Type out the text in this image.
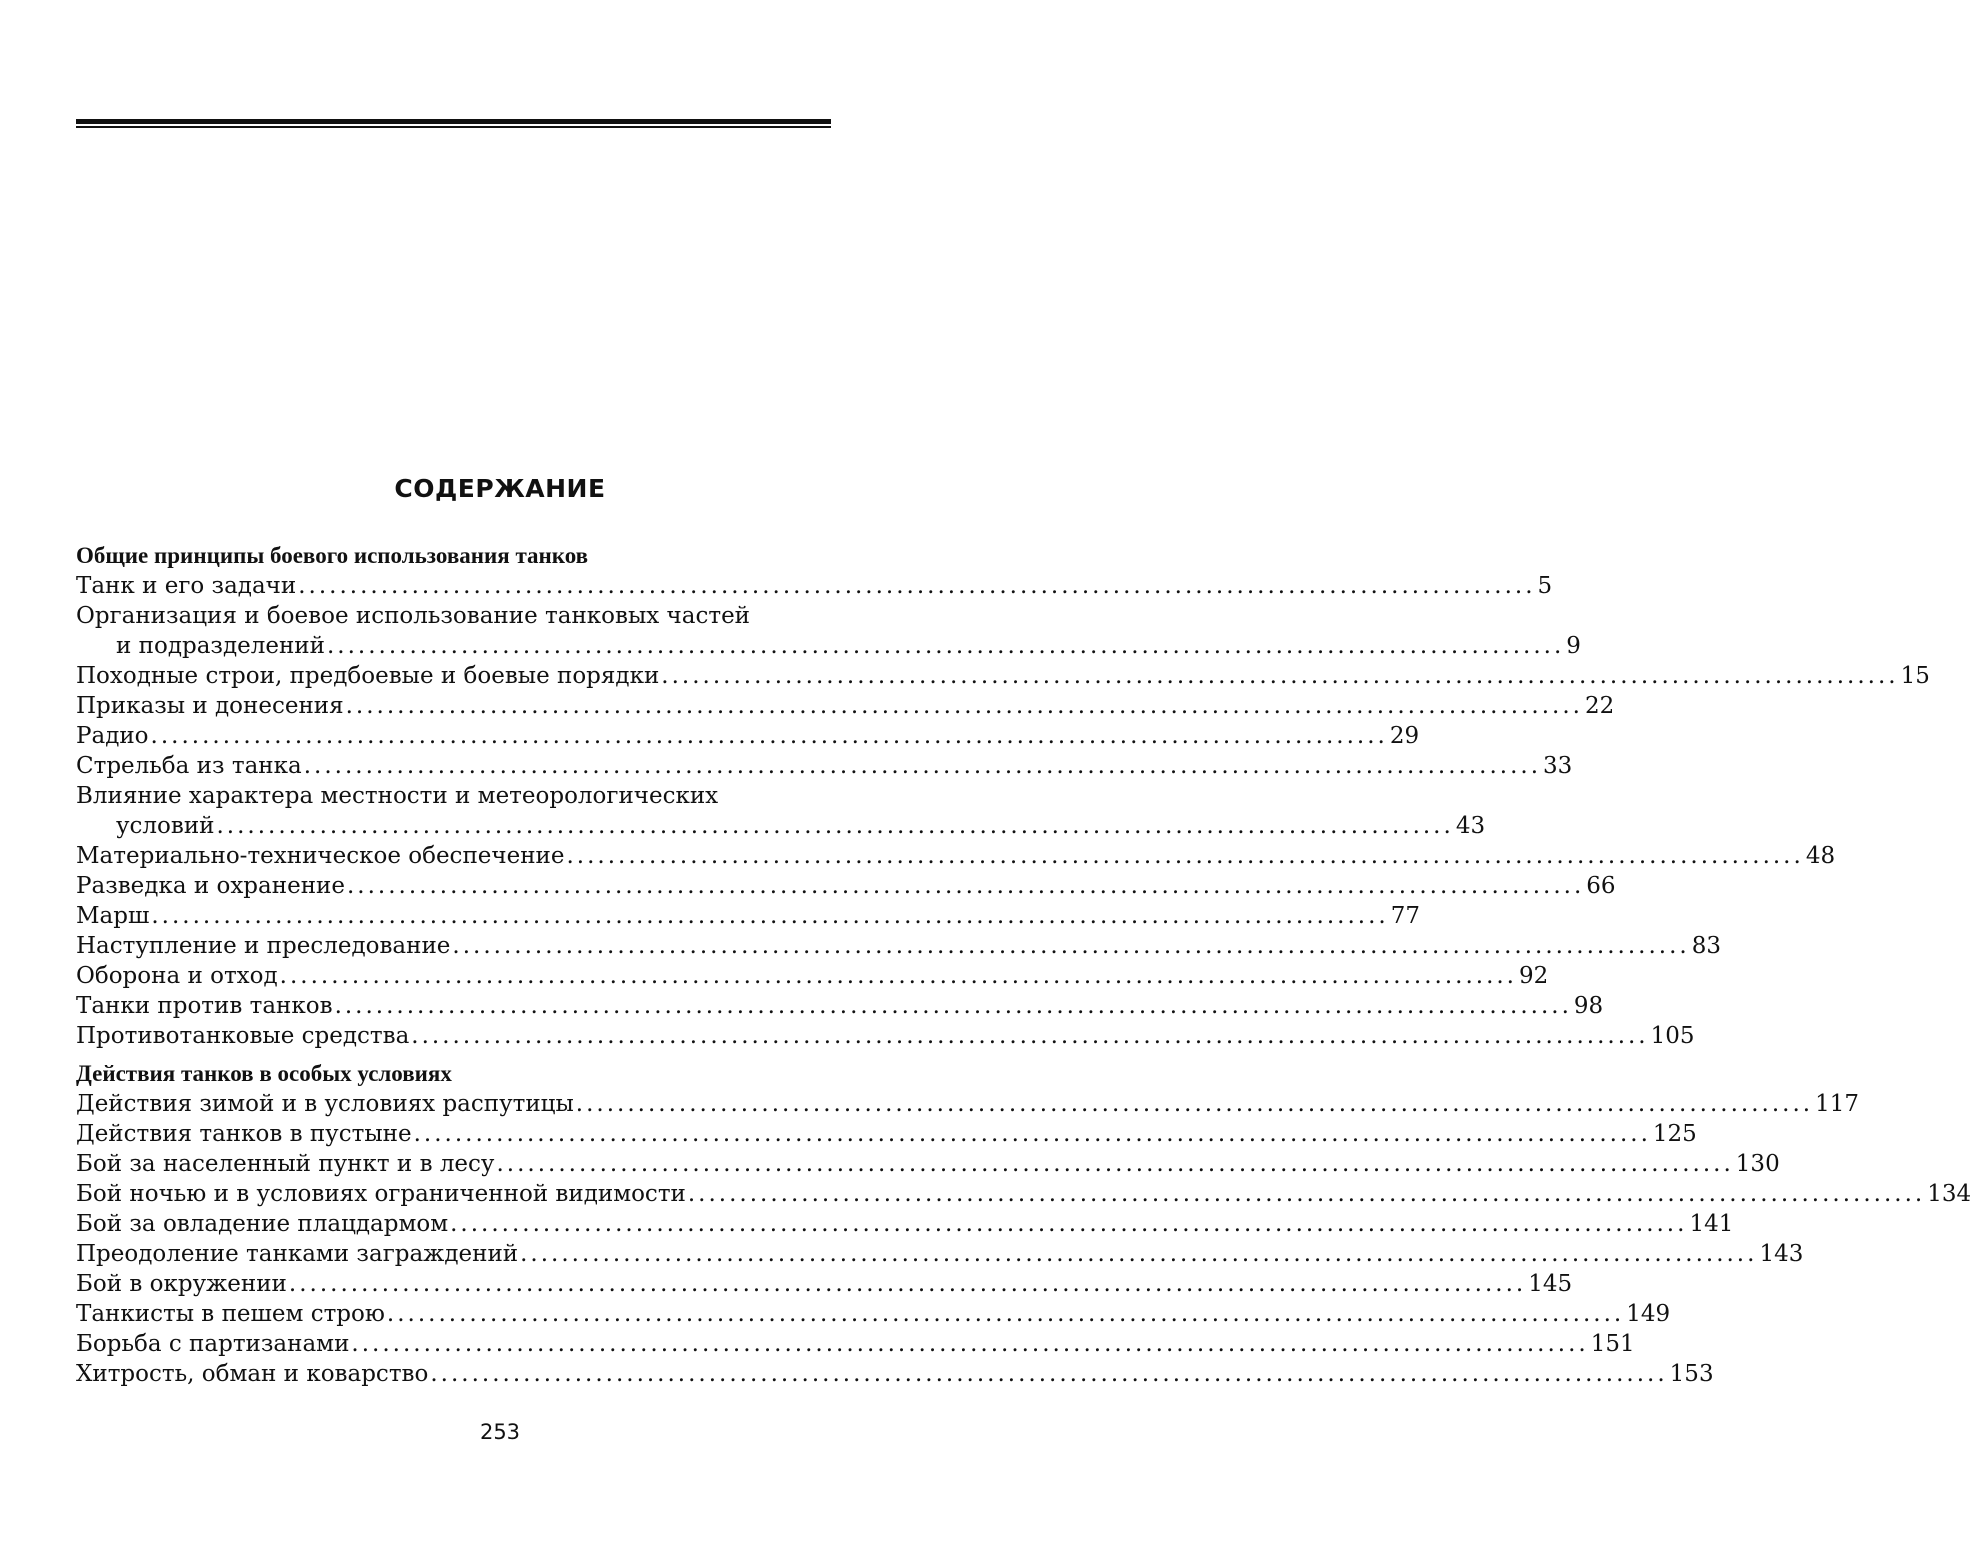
СОДЕРЖАНИЕ
Общие принципы боевого использования танков
Танк и его задачи ........................................................................................................................ 5
Организация и боевое использование танковых частей
и подразделений ........................................................................................................................ 9
Походные строи, предбоевые и боевые порядки ........................................................................................................................ 15
Приказы и донесения ........................................................................................................................ 22
Радио ........................................................................................................................ 29
Стрельба из танка ........................................................................................................................ 33
Влияние характера местности и метеорологических
условий ........................................................................................................................ 43
Материально-техническое обеспечение ........................................................................................................................ 48
Разведка и охранение ........................................................................................................................ 66
Марш ........................................................................................................................ 77
Наступление и преследование ........................................................................................................................ 83
Оборона и отход ........................................................................................................................ 92
Танки против танков ........................................................................................................................ 98
Противотанковые средства ........................................................................................................................ 105
Действия танков в особых условиях
Действия зимой и в условиях распутицы ........................................................................................................................ 117
Действия танков в пустыне ........................................................................................................................ 125
Бой за населенный пункт и в лесу ........................................................................................................................ 130
Бой ночью и в условиях ограниченной видимости ........................................................................................................................ 134
Бой за овладение плацдармом ........................................................................................................................ 141
Преодоление танками заграждений ........................................................................................................................ 143
Бой в окружении ........................................................................................................................ 145
Танкисты в пешем строю ........................................................................................................................ 149
Борьба с партизанами ........................................................................................................................ 151
Хитрость, обман и коварство ........................................................................................................................ 153
253
